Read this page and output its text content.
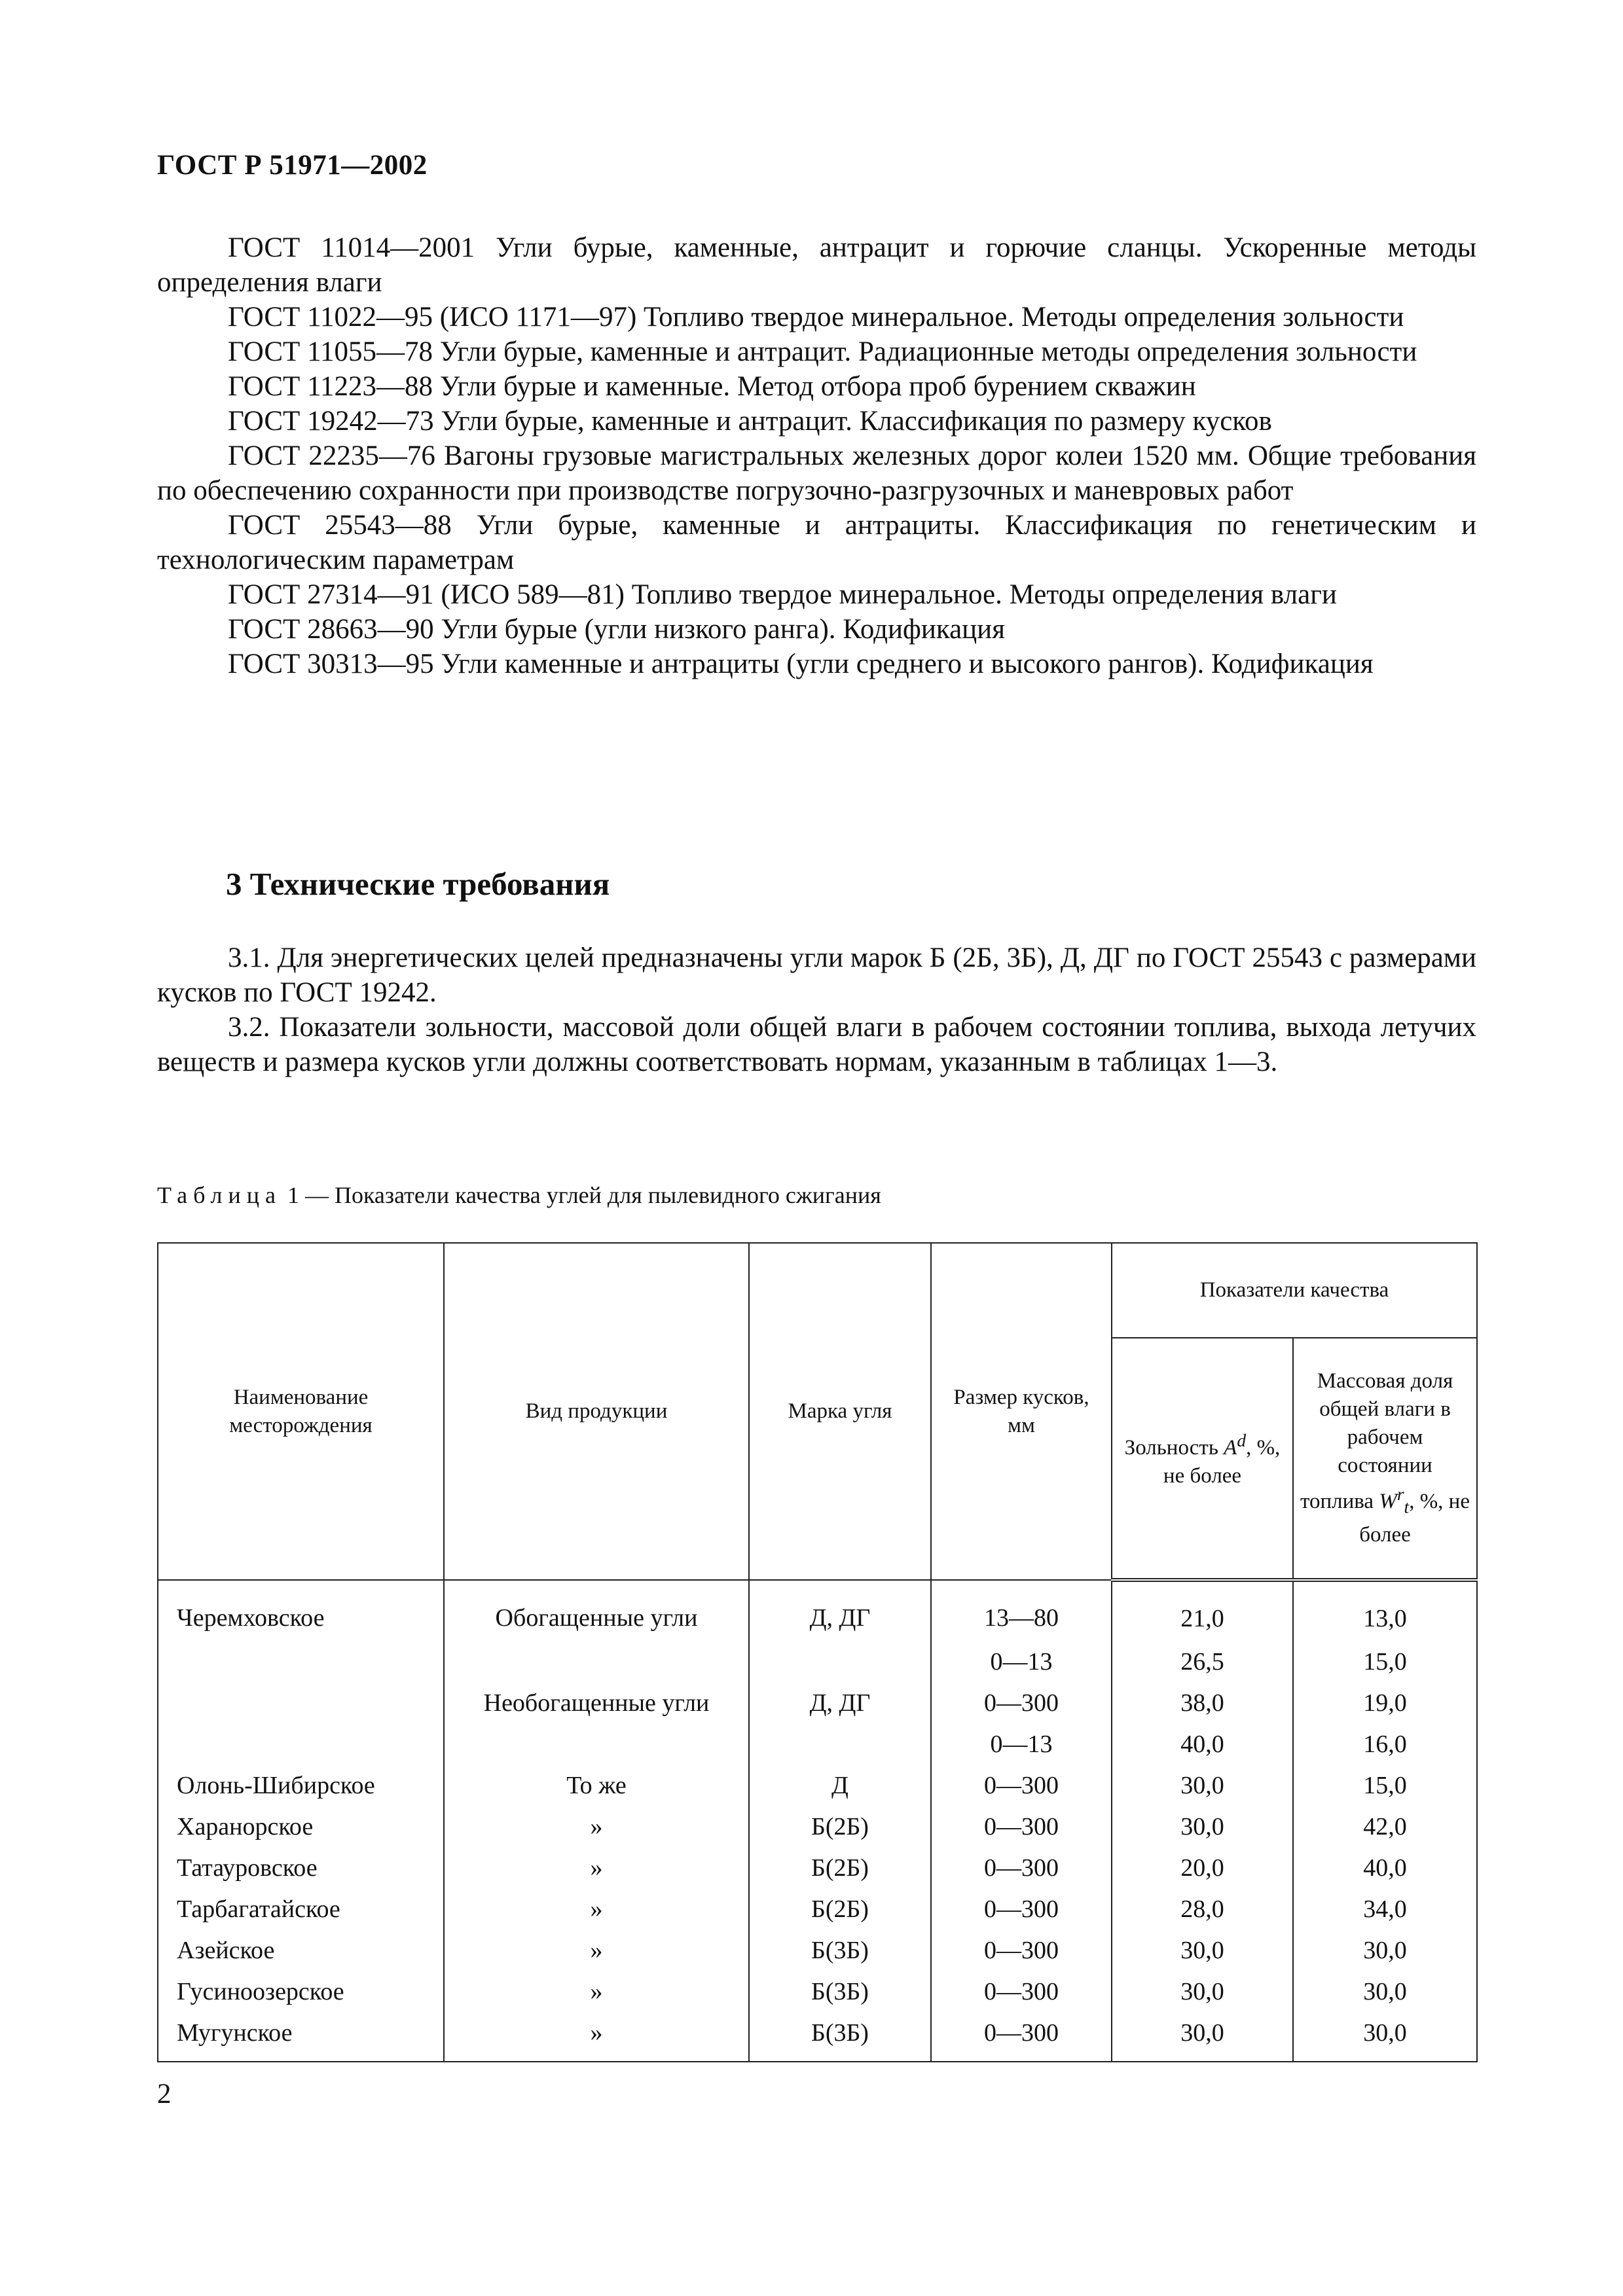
ГОСТ Р 51971—2002

ГОСТ 11014—2001 Угли бурые, каменные, антрацит и горючие сланцы. Ускоренные методы определения влаги

ГОСТ 11022—95 (ИСО 1171—97) Топливо твердое минеральное. Методы определения зольности

ГОСТ 11055—78 Угли бурые, каменные и антрацит. Радиационные методы определения зольности

ГОСТ 11223—88 Угли бурые и каменные. Метод отбора проб бурением скважин

ГОСТ 19242—73 Угли бурые, каменные и антрацит. Классификация по размеру кусков

ГОСТ 22235—76 Вагоны грузовые магистральных железных дорог колеи 1520 мм. Общие требования по обеспечению сохранности при производстве погрузочно-разгрузочных и маневровых работ

ГОСТ 25543—88 Угли бурые, каменные и антрациты. Классификация по генетическим и технологическим параметрам

ГОСТ 27314—91 (ИСО 589—81) Топливо твердое минеральное. Методы определения влаги

ГОСТ 28663—90 Угли бурые (угли низкого ранга). Кодификация

ГОСТ 30313—95 Угли каменные и антрациты (угли среднего и высокого рангов). Кодификация

3 Технические требования

3.1. Для энергетических целей предназначены угли марок Б (2Б, 3Б), Д, ДГ по ГОСТ 25543 с размерами кусков по ГОСТ 19242.

3.2. Показатели зольности, массовой доли общей влаги в рабочем состоянии топлива, выхода летучих веществ и размера кусков угли должны соответствовать нормам, указанным в таблицах 1—3.

Таблица 1 — Показатели качества углей для пылевидного сжигания

Наименование месторождения	Вид продукции	Марка угля	Размер кусков, мм	Показатели качества	
				Зольность $A^d$, %, не более	Массовая доля общей влаги в рабочем состоянии топлива $W^r_t$, %, не более
Черемховское	Обогащенные угли	Д, ДГ	13—80	21,0	13,0
			0—13	26,5	15,0
	Необогащенные угли	Д, ДГ	0—300	38,0	19,0
			0—13	40,0	16,0
Олонь-Шибирское	То же	Д	0—300	30,0	15,0
Харанорское	»	Б(2Б)	0—300	30,0	42,0
Татауровское	»	Б(2Б)	0—300	20,0	40,0
Тарбагатайское	»	Б(2Б)	0—300	28,0	34,0
Азейское	»	Б(3Б)	0—300	30,0	30,0
Гусиноозерское	»	Б(3Б)	0—300	30,0	30,0
Мугунское	»	Б(3Б)	0—300	30,0	30,0

2
